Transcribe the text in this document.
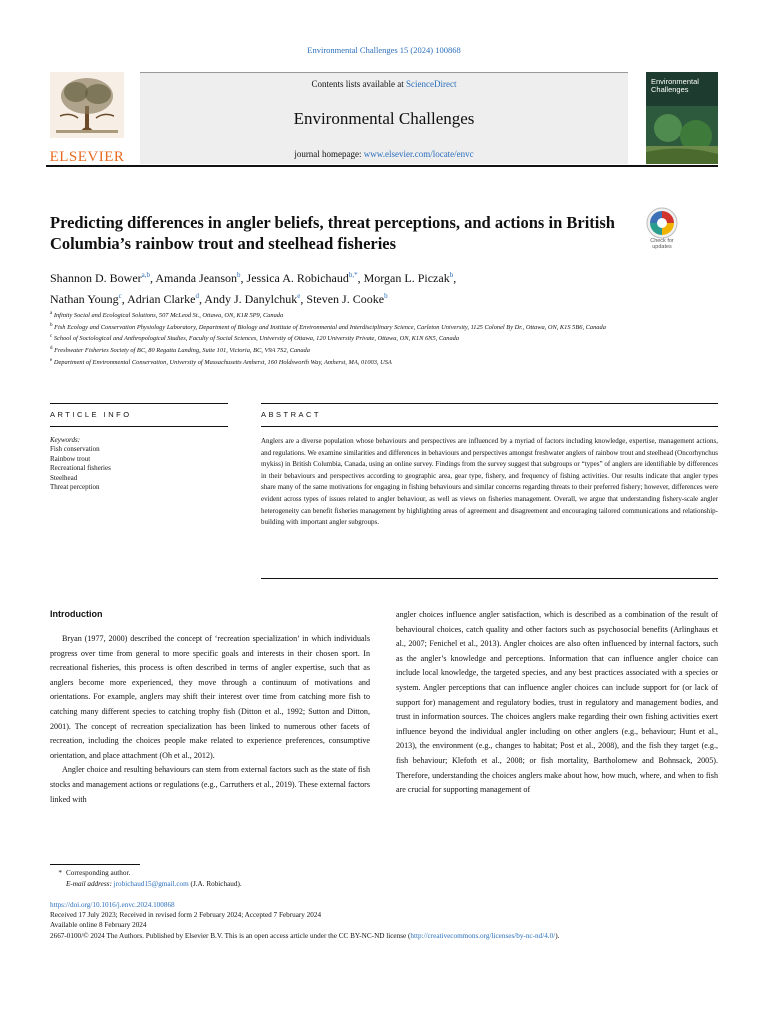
Environmental Challenges 15 (2024) 100868
ELSEVIER
Contents lists available at ScienceDirect
Environmental Challenges
journal homepage: www.elsevier.com/locate/envc
Environmental Challenges
Predicting differences in angler beliefs, threat perceptions, and actions in British Columbia’s rainbow trout and steelhead fisheries	Check for updates
Shannon D. Bower$^{a,b}$, Amanda Jeanson$^b$, Jessica A. Robichaud$^{b,*}$, Morgan L. Piczak$^b$,
Nathan Young$^c$, Adrian Clarke$^d$, Andy J. Danylchuk$^e$, Steven J. Cooke$^b$
$^a$ Infinity Social and Ecological Solutions, 507 McLeod St., Ottawa, ON, K1R 5P9, Canada
$^b$ Fish Ecology and Conservation Physiology Laboratory, Department of Biology and Institute of Environmental and Interdisciplinary Science, Carleton University, 1125 Colonel By Dr., Ottawa, ON, K1S 5B6, Canada
$^c$ School of Sociological and Anthropological Studies, Faculty of Social Sciences, University of Ottawa, 120 University Private, Ottawa, ON, K1N 6N5, Canada
$^d$ Freshwater Fisheries Society of BC, 80 Regatta Landing, Suite 101, Victoria, BC, V9A 7S2, Canada
$^e$ Department of Environmental Conservation, University of Massachusetts Amherst, 160 Holdsworth Way, Amherst, MA, 01003, USA
ARTICLE INFO	ABSTRACT
Keywords:
Fish conservation
Rainbow trout
Recreational fisheries
Steelhead
Threat perception
Anglers are a diverse population whose behaviours and perspectives are influenced by a myriad of factors including knowledge, expertise, management actions, and regulations. We examine similarities and differences in behaviours and perspectives amongst freshwater anglers of rainbow trout and steelhead (Oncorhynchus mykiss) in British Columbia, Canada, using an online survey. Findings from the survey suggest that subgroups or “types” of anglers are identifiable by differences in their behaviours and perspectives according to geographic area, gear type, fishery, and frequency of fishing activities. Our results indicate that angler types share many of the same motivations for engaging in fishing behaviours and similar concerns regarding threats to their preferred fishery; however, differences were evident across types of issues related to angler behaviour, as well as views on fisheries management. Overall, we argue that understanding fishery-scale angler heterogeneity can benefit fisheries management by highlighting areas of agreement and disagreement and encouraging tailored communications and relationship-building with important angler subgroups.
Introduction

Bryan (1977, 2000) described the concept of ‘recreation specialization’ in which individuals progress over time from general to more specific goals and interests in their chosen sport. In recreational fisheries, this process is often described in terms of angler expertise, such that as anglers become more experienced, they move through a continuum of motivations and orientations. For example, anglers may shift their interest over time from catching more fish to catching many different species to catching trophy fish (Ditton et al., 1992; Sutton and Ditton, 2001). The concept of recreation specialization has been linked to numerous other facets of recreation, including the choices people make related to experience preferences, consumptive orientation, and place attachment (Oh et al., 2012).

Angler choice and resulting behaviours can stem from external factors such as the state of fish stocks and management actions or regulations (e.g., Carruthers et al., 2019). These external factors linked with

angler choices influence angler satisfaction, which is described as a combination of the result of behavioural choices, catch quality and other factors such as psychosocial benefits (Arlinghaus et al., 2007; Fenichel et al., 2013). Angler choices are also often influenced by internal factors, such as the angler’s knowledge and perceptions. Information that can influence angler choice can include local knowledge, the targeted species, and any best practices associated with a species or system. Angler perceptions that can influence angler choices can include support for (or lack of support for) management and regulatory bodies, trust in regulatory and management bodies, and trust in information sources. The choices anglers make regarding their own fishing activities exert influence beyond the individual angler including on other anglers (e.g., behaviour; Hunt et al., 2013), the environment (e.g., changes to habitat; Post et al., 2008), and the fish they target (e.g., fish behaviour; Klefoth et al., 2008; or fish mortality, Bartholomew and Bohnsack, 2005). Therefore, understanding the choices anglers make about how, how much, where, and when to fish are crucial for supporting management of

* Corresponding author.
E-mail address: jrobichaud15@gmail.com (J.A. Robichaud).
https://doi.org/10.1016/j.envc.2024.100868
Received 17 July 2023; Received in revised form 2 February 2024; Accepted 7 February 2024
Available online 8 February 2024
2667-0100/© 2024 The Authors. Published by Elsevier B.V. This is an open access article under the CC BY-NC-ND license (http://creativecommons.org/licenses/by-nc-nd/4.0/).
